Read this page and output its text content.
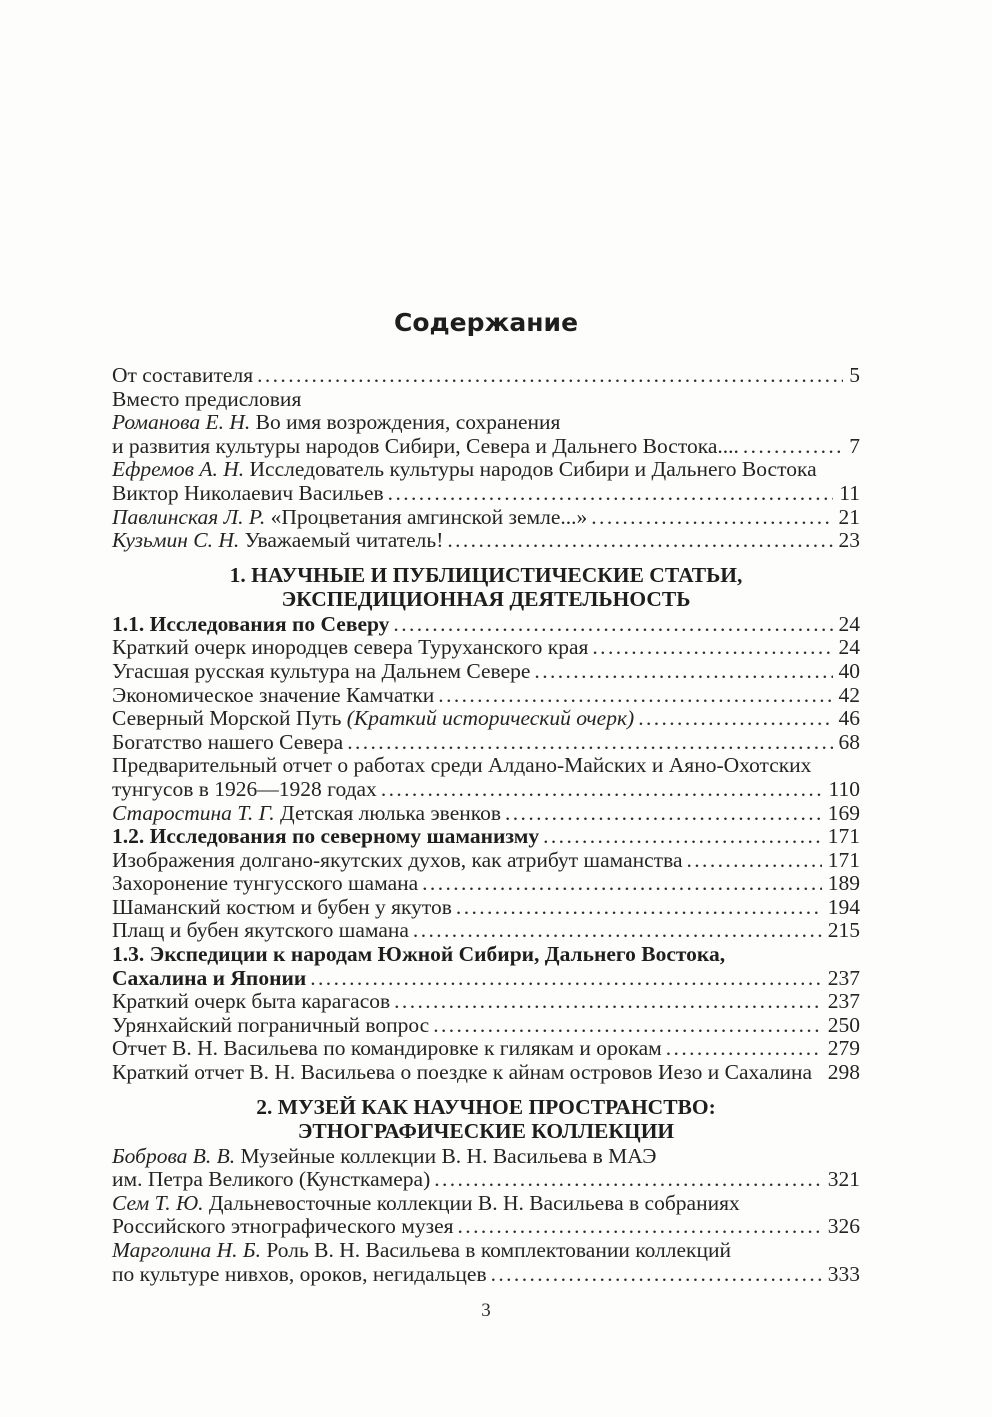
Содержание
От составителя .....	5
Вместо предисловия
Романова Е. Н. Во имя возрождения, сохранения
и развития культуры народов Сибири, Севера и Дальнего Востока.... .....	7
Ефремов А. Н. Исследователь культуры народов Сибири и Дальнего Востока
Виктор Николаевич Васильев .....	11
Павлинская Л. Р. «Процветания амгинской земле...» .....	21
Кузьмин С. Н. Уважаемый читатель! .....	23
1. НАУЧНЫЕ И ПУБЛИЦИСТИЧЕСКИЕ СТАТЬИ,
ЭКСПЕДИЦИОННАЯ ДЕЯТЕЛЬНОСТЬ
1.1. Исследования по Северу .....	24
Краткий очерк инородцев севера Туруханского края .....	24
Угасшая русская культура на Дальнем Севере .....	40
Экономическое значение Камчатки .....	42
Северный Морской Путь (Краткий исторический очерк) .....	46
Богатство нашего Севера .....	68
Предварительный отчет о работах среди Алдано-Майских и Аяно-Охотских
тунгусов в 1926—1928 годах .....	110
Старостина Т. Г. Детская люлька эвенков .....	169
1.2. Исследования по северному шаманизму .....	171
Изображения долгано-якутских духов, как атрибут шаманства .....	171
Захоронение тунгусского шамана .....	189
Шаманский костюм и бубен у якутов .....	194
Плащ и бубен якутского шамана .....	215
1.3. Экспедиции к народам Южной Сибири, Дальнего Востока,
Сахалина и Японии .....	237
Краткий очерк быта карагасов .....	237
Урянхайский пограничный вопрос .....	250
Отчет В. Н. Васильева по командировке к гилякам и орокам .....	279
Краткий отчет В. Н. Васильева о поездке к айнам островов Иезо и Сахалина 298
2. МУЗЕЙ КАК НАУЧНОЕ ПРОСТРАНСТВО:
ЭТНОГРАФИЧЕСКИЕ КОЛЛЕКЦИИ
Боброва В. В. Музейные коллекции В. Н. Васильева в МАЭ
им. Петра Великого (Кунсткамера) .....	321
Сем Т. Ю. Дальневосточные коллекции В. Н. Васильева в собраниях
Российского этнографического музея .....	326
Марголина Н. Б. Роль В. Н. Васильева в комплектовании коллекций
по культуре нивхов, ороков, негидальцев .....	333
3
